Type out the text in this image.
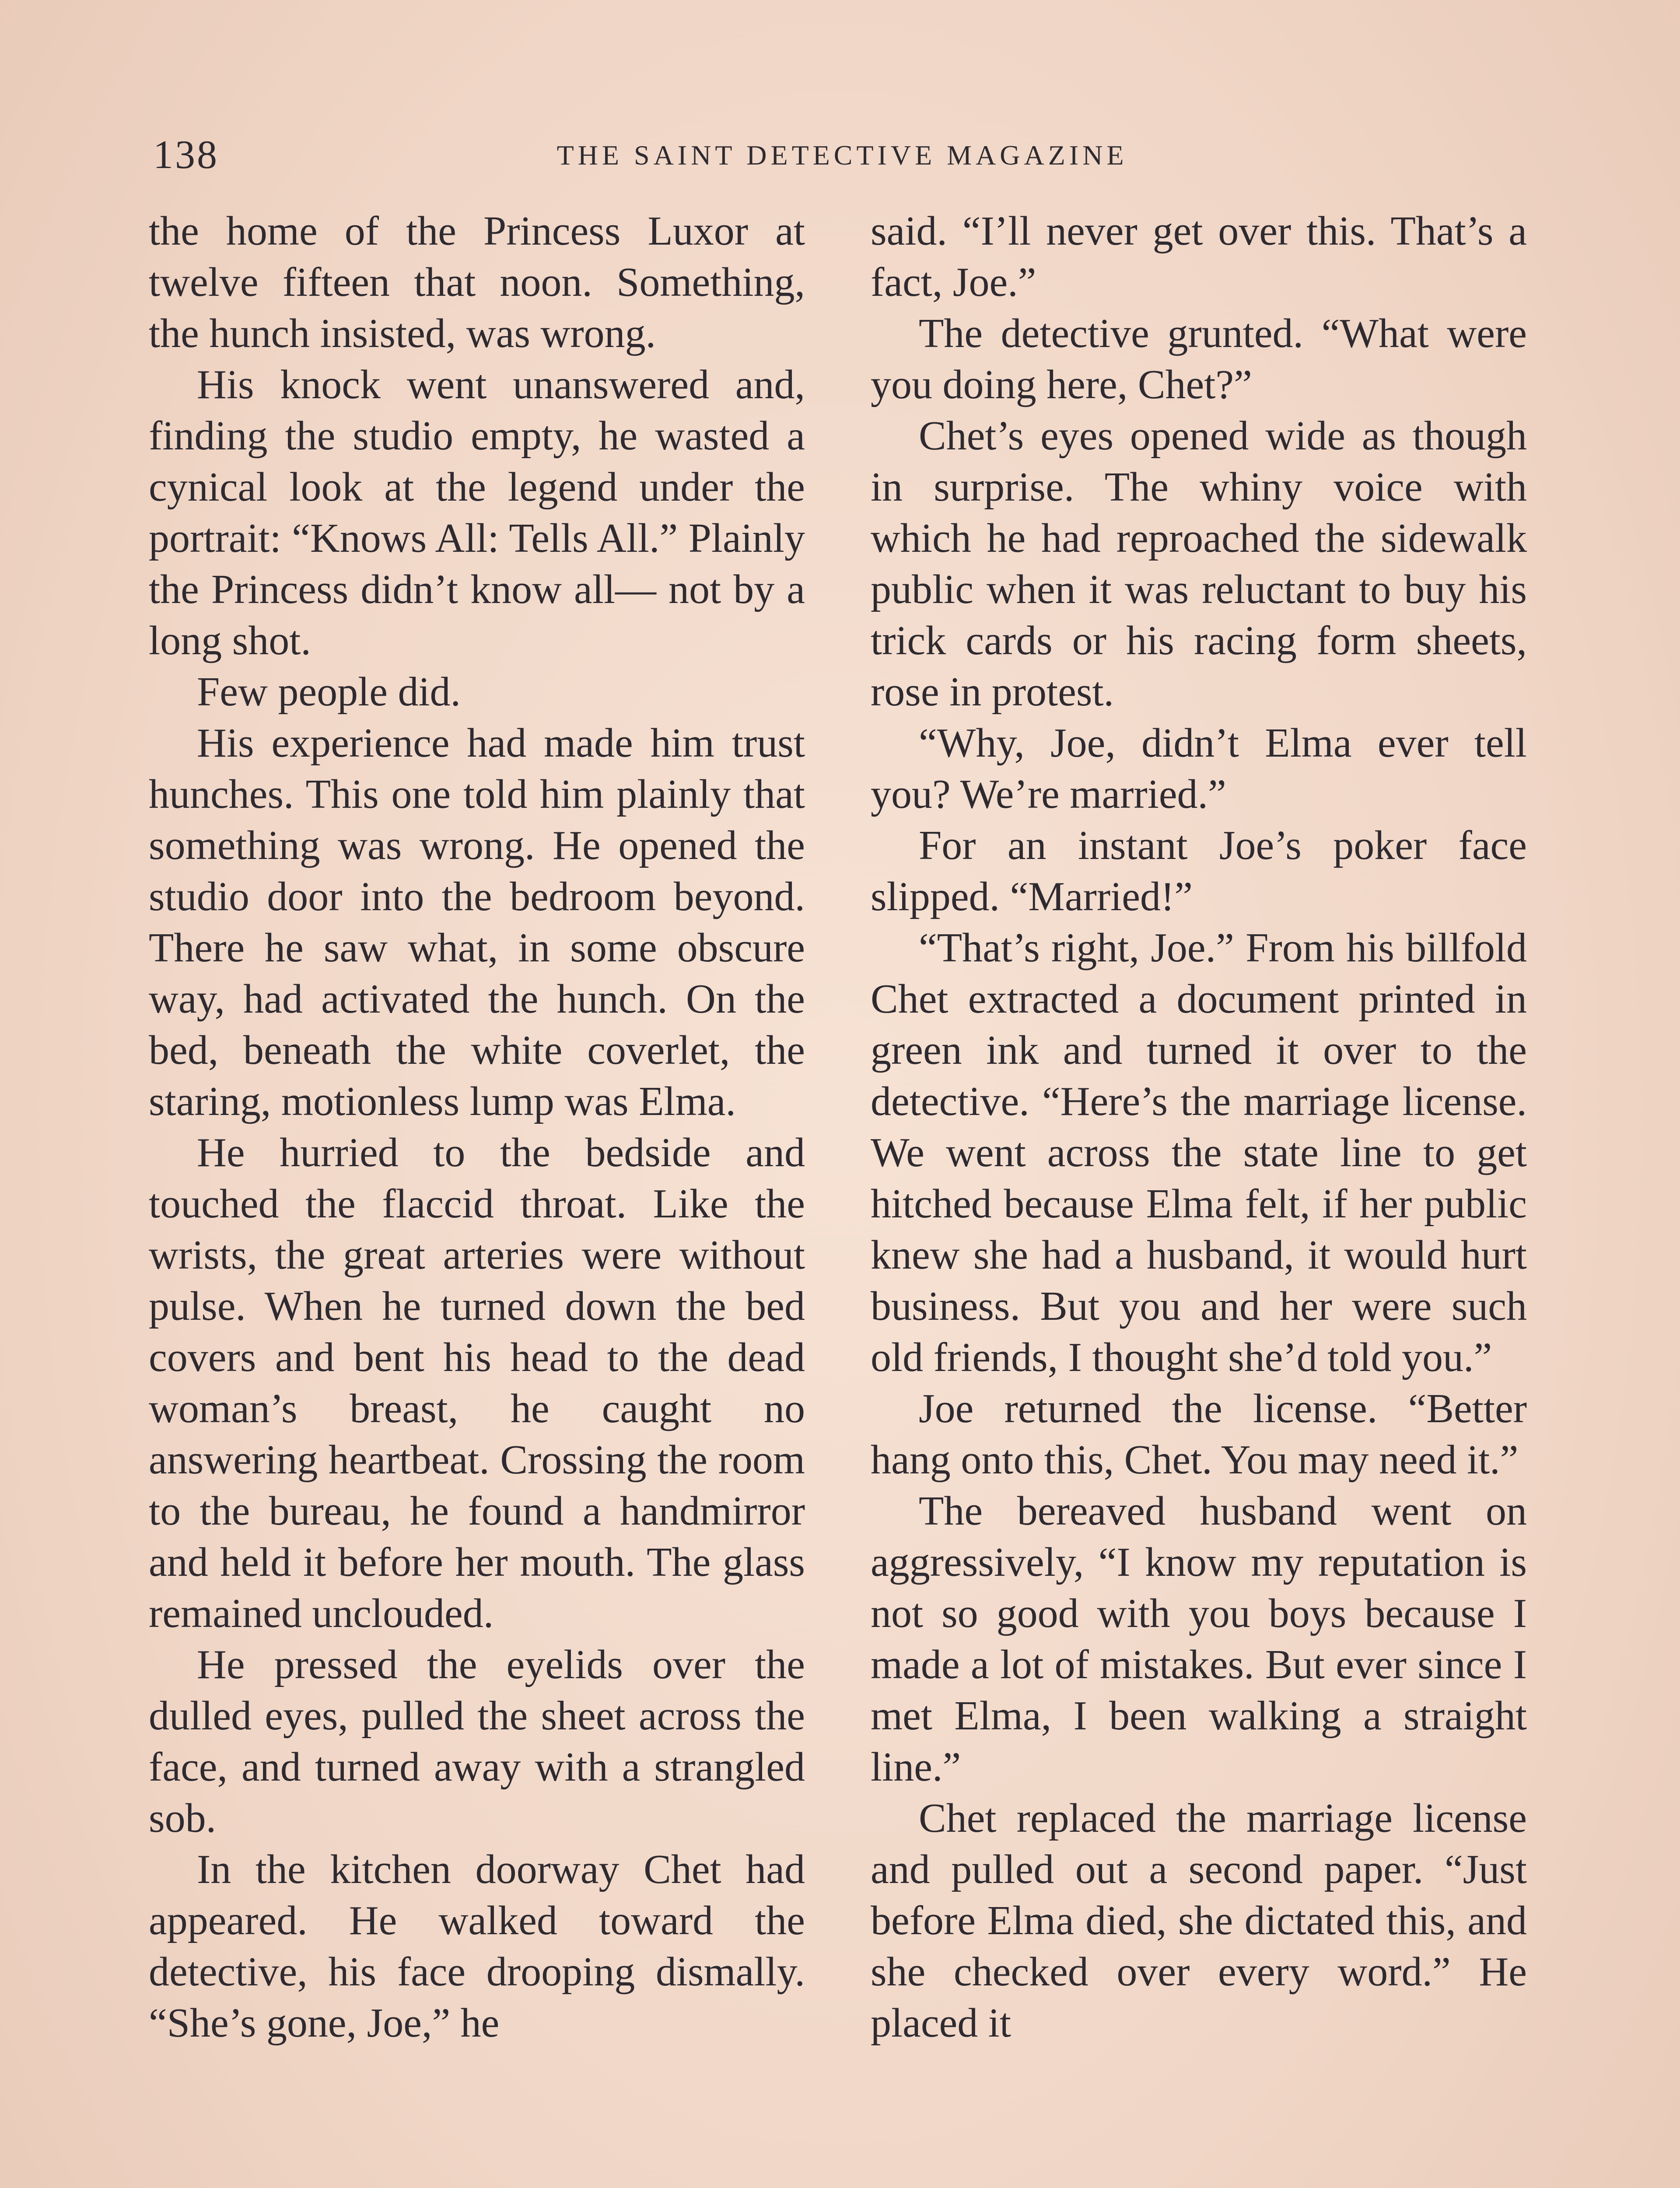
138	THE SAINT DETECTIVE MAGAZINE

the home of the Princess Luxor at twelve fifteen that noon. Something, the hunch insisted, was wrong.

His knock went unanswered and, finding the studio empty, he wasted a cynical look at the legend under the portrait: “Knows All: Tells All.” Plainly the Princess didn’t know all— not by a long shot.

Few people did.

His experience had made him trust hunches. This one told him plainly that something was wrong. He opened the studio door into the bedroom beyond. There he saw what, in some obscure way, had activated the hunch. On the bed, beneath the white coverlet, the staring, motionless lump was Elma.

He hurried to the bedside and touched the flaccid throat. Like the wrists, the great arteries were without pulse. When he turned down the bed covers and bent his head to the dead woman’s breast, he caught no answering heartbeat. Crossing the room to the bureau, he found a handmirror and held it before her mouth. The glass remained unclouded.

He pressed the eyelids over the dulled eyes, pulled the sheet across the face, and turned away with a strangled sob.

In the kitchen doorway Chet had appeared. He walked toward the detective, his face drooping dismally. “She’s gone, Joe,” he

said. “I’ll never get over this. That’s a fact, Joe.”

The detective grunted. “What were you doing here, Chet?”

Chet’s eyes opened wide as though in surprise. The whiny voice with which he had reproached the sidewalk public when it was reluctant to buy his trick cards or his racing form sheets, rose in protest.

“Why, Joe, didn’t Elma ever tell you? We’re married.”

For an instant Joe’s poker face slipped. “Married!”

“That’s right, Joe.” From his billfold Chet extracted a document printed in green ink and turned it over to the detective. “Here’s the marriage license. We went across the state line to get hitched because Elma felt, if her public knew she had a husband, it would hurt business. But you and her were such old friends, I thought she’d told you.”

Joe returned the license. “Better hang onto this, Chet. You may need it.”

The bereaved husband went on aggressively, “I know my reputation is not so good with you boys because I made a lot of mistakes. But ever since I met Elma, I been walking a straight line.”

Chet replaced the marriage license and pulled out a second paper. “Just before Elma died, she dictated this, and she checked over every word.” He placed it
